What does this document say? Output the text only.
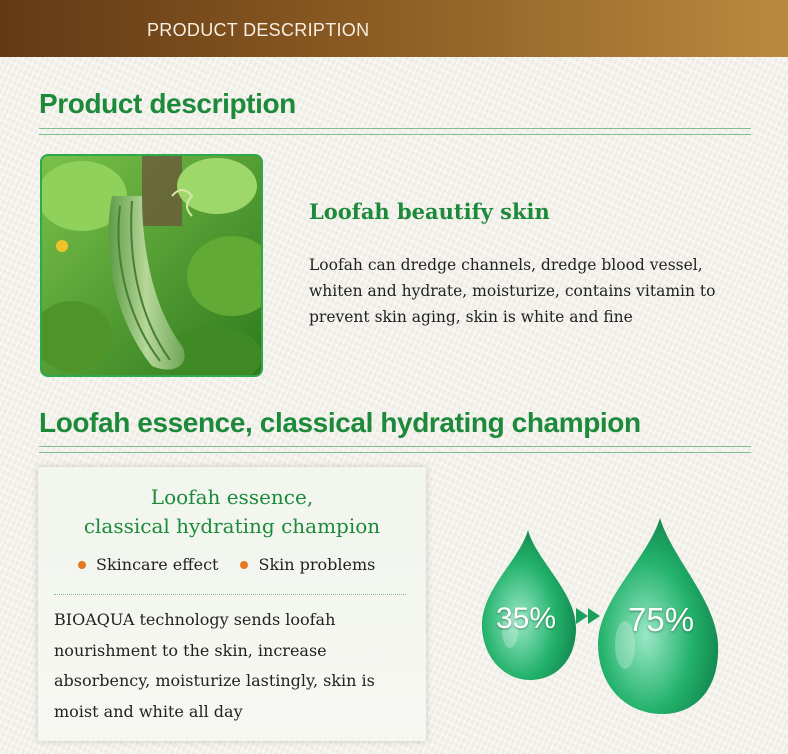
PRODUCT DESCRIPTION
Product description
Loofah beautify skin
Loofah can dredge channels, dredge blood vessel, whiten and hydrate, moisturize, contains vitamin to prevent skin aging, skin is white and fine
Loofah essence, classical hydrating champion
Loofah essence,
classical hydrating champion
Skincare effect	Skin problems
BIOAQUA technology sends loofah nourishment to the skin, increase absorbency, moisturize lastingly, skin is moist and white all day
35% 75%
